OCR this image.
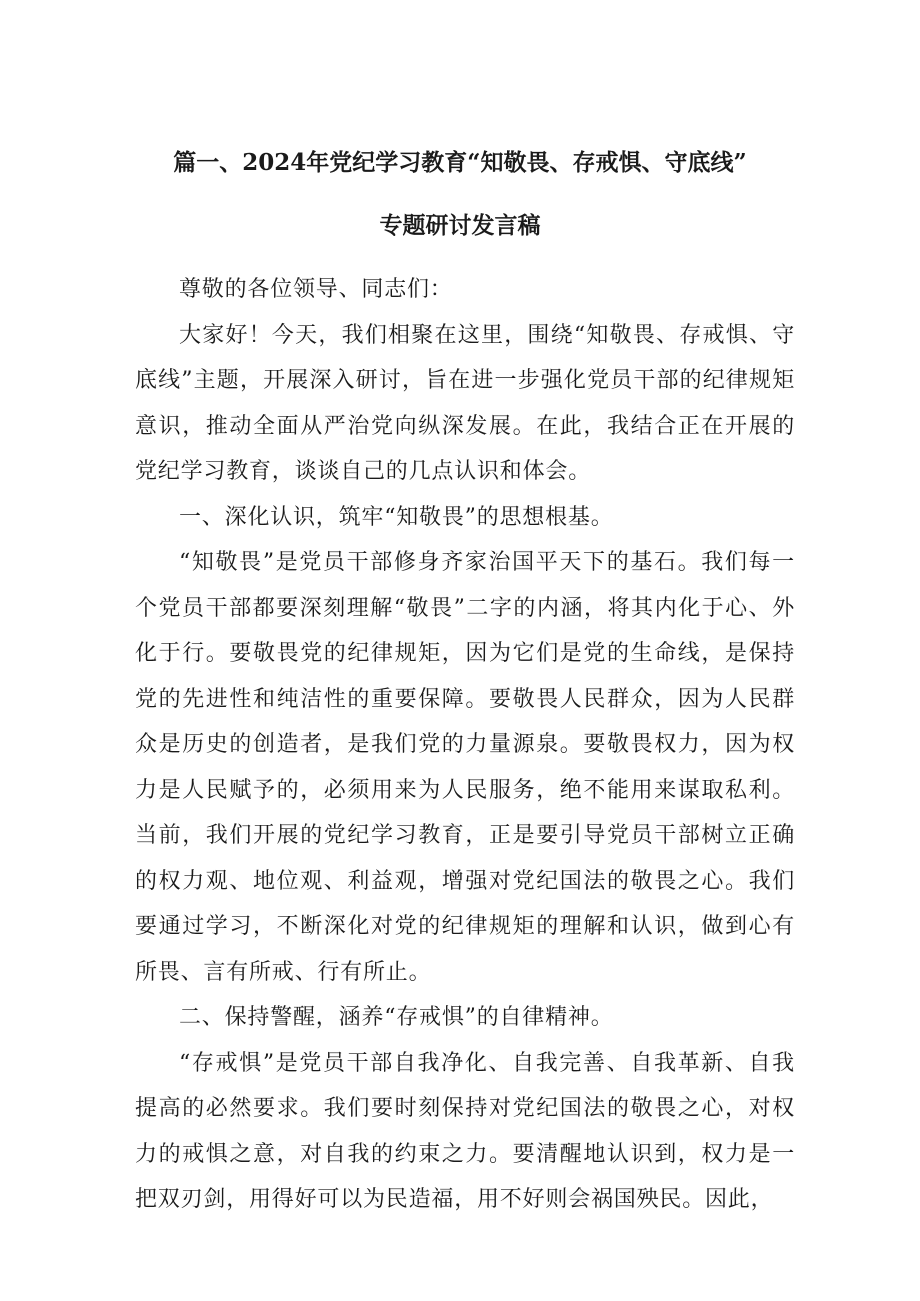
篇一、2024年党纪学习教育“知敬畏、存戒惧、守底线”
专题研讨发言稿

尊敬的各位领导、同志们：

大家好！今天，我们相聚在这里，围绕“知敬畏、存戒惧、守底线”主题，开展深入研讨，旨在进一步强化党员干部的纪律规矩意识，推动全面从严治党向纵深发展。在此，我结合正在开展的党纪学习教育，谈谈自己的几点认识和体会。

一、深化认识，筑牢“知敬畏”的思想根基。

“知敬畏”是党员干部修身齐家治国平天下的基石。我们每一个党员干部都要深刻理解“敬畏”二字的内涵，将其内化于心、外化于行。要敬畏党的纪律规矩，因为它们是党的生命线，是保持党的先进性和纯洁性的重要保障。要敬畏人民群众，因为人民群众是历史的创造者，是我们党的力量源泉。要敬畏权力，因为权力是人民赋予的，必须用来为人民服务，绝不能用来谋取私利。当前，我们开展的党纪学习教育，正是要引导党员干部树立正确的权力观、地位观、利益观，增强对党纪国法的敬畏之心。我们要通过学习，不断深化对党的纪律规矩的理解和认识，做到心有所畏、言有所戒、行有所止。

二、保持警醒，涵养“存戒惧”的自律精神。

“存戒惧”是党员干部自我净化、自我完善、自我革新、自我提高的必然要求。我们要时刻保持对党纪国法的敬畏之心，对权力的戒惧之意，对自我的约束之力。要清醒地认识到，权力是一把双刃剑，用得好可以为民造福，用不好则会祸国殃民。因此，
